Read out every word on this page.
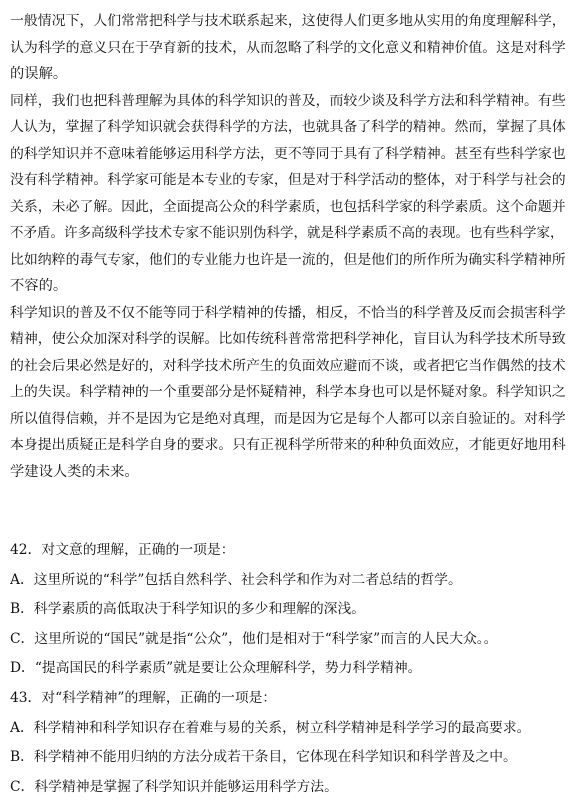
一般情况下，人们常常把科学与技术联系起来，这使得人们更多地从实用的角度理解科学，
认为科学的意义只在于孕育新的技术，从而忽略了科学的文化意义和精神价值。这是对科学
的误解。
同样，我们也把科普理解为具体的科学知识的普及，而较少谈及科学方法和科学精神。有些
人认为，掌握了科学知识就会获得科学的方法，也就具备了科学的精神。然而，掌握了具体
的科学知识并不意味着能够运用科学方法，更不等同于具有了科学精神。甚至有些科学家也
没有科学精神。科学家可能是本专业的专家，但是对于科学活动的整体，对于科学与社会的
关系，未必了解。因此，全面提高公众的科学素质，也包括科学家的科学素质。这个命题并
不矛盾。许多高级科学技术专家不能识别伪科学，就是科学素质不高的表现。也有些科学家，
比如纳粹的毒气专家，他们的专业能力也许是一流的，但是他们的所作所为确实科学精神所
不容的。
科学知识的普及不仅不能等同于科学精神的传播，相反，不恰当的科学普及反而会损害科学
精神，使公众加深对科学的误解。比如传统科普常常把科学神化，盲目认为科学技术所导致
的社会后果必然是好的，对科学技术所产生的负面效应避而不谈，或者把它当作偶然的技术
上的失误。科学精神的一个重要部分是怀疑精神，科学本身也可以是怀疑对象。科学知识之
所以值得信赖，并不是因为它是绝对真理，而是因为它是每个人都可以亲自验证的。对科学
本身提出质疑正是科学自身的要求。只有正视科学所带来的种种负面效应，才能更好地用科
学建设人类的未来。
42．对文意的理解，正确的一项是：
A．这里所说的“科学”包括自然科学、社会科学和作为对二者总结的哲学。
B．科学素质的高低取决于科学知识的多少和理解的深浅。
C．这里所说的“国民”就是指“公众”，他们是相对于“科学家”而言的人民大众。。
D．“提高国民的科学素质”就是要让公众理解科学，势力科学精神。
43．对“科学精神”的理解，正确的一项是：
A．科学精神和科学知识存在着难与易的关系，树立科学精神是科学学习的最高要求。
B．科学精神不能用归纳的方法分成若干条目，它体现在科学知识和科学普及之中。
C．科学精神是掌握了科学知识并能够运用科学方法。
